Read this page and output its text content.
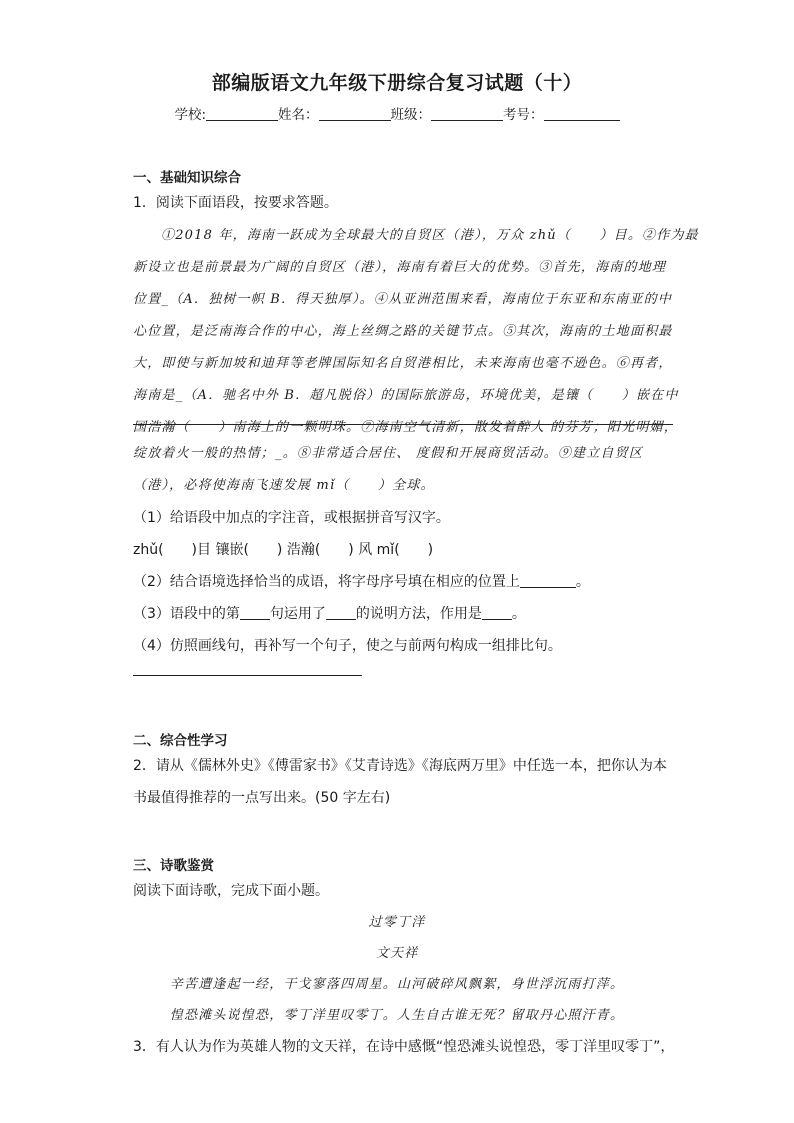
部编版语文九年级下册综合复习试题（十）
学校:	姓名：	班级：	考号：
一、基础知识综合
1．阅读下面语段，按要求答题。
①2018 年，海南一跃成为全球最大的自贸区（港），万众 zhǔ（　　）目。②作为最
新设立也是前景最为广阔的自贸区（港），海南有着巨大的优势。③首先，海南的地理
位置_（A．独树一帜 B．得天独厚）。④从亚洲范围来看，海南位于东亚和东南亚的中
心位置，是泛南海合作的中心，海上丝绸之路的关键节点。⑤其次，海南的土地面积最
大，即使与新加坡和迪拜等老牌国际知名自贸港相比，未来海南也毫不逊色。⑥再者，
海南是_（A．驰名中外 B．超凡脱俗）的国际旅游岛，环境优美，是镶（　　）嵌在中
国浩瀚（　　）南海上的一颗明珠。⑦海南空气清新，散发着醉人 的芬芳；阳光明媚，
绽放着火一般的热情；_。⑧非常适合居住、 度假和开展商贸活动。⑨建立自贸区
（港），必将使海南飞速发展 mǐ（　　）全球。
（1）给语段中加点的字注音，或根据拼音写汉字。
zhǔ(　　)目 镶嵌(　　) 浩瀚(　　) 风 mǐ(　　)
（2）结合语境选择恰当的成语，将字母序号填在相应的位置上	。
（3）语段中的第 句运用了 的说明方法，作用是 。
（4）仿照画线句，再补写一个句子，使之与前两句构成一组排比句。
二、综合性学习
2．请从《儒林外史》《傅雷家书》《艾青诗选》《海底两万里》中任选一本，把你认为本
书最值得推荐的一点写出来。(50 字左右)
三、诗歌鉴赏
阅读下面诗歌，完成下面小题。
过零丁洋
文天祥
辛苦遭逢起一经，干戈寥落四周星。山河破碎风飘絮，身世浮沉雨打萍。
惶恐滩头说惶恐，零丁洋里叹零丁。人生自古谁无死？留取丹心照汗青。
3．有人认为作为英雄人物的文天祥，在诗中感慨“惶恐滩头说惶恐，零丁洋里叹零丁”，
